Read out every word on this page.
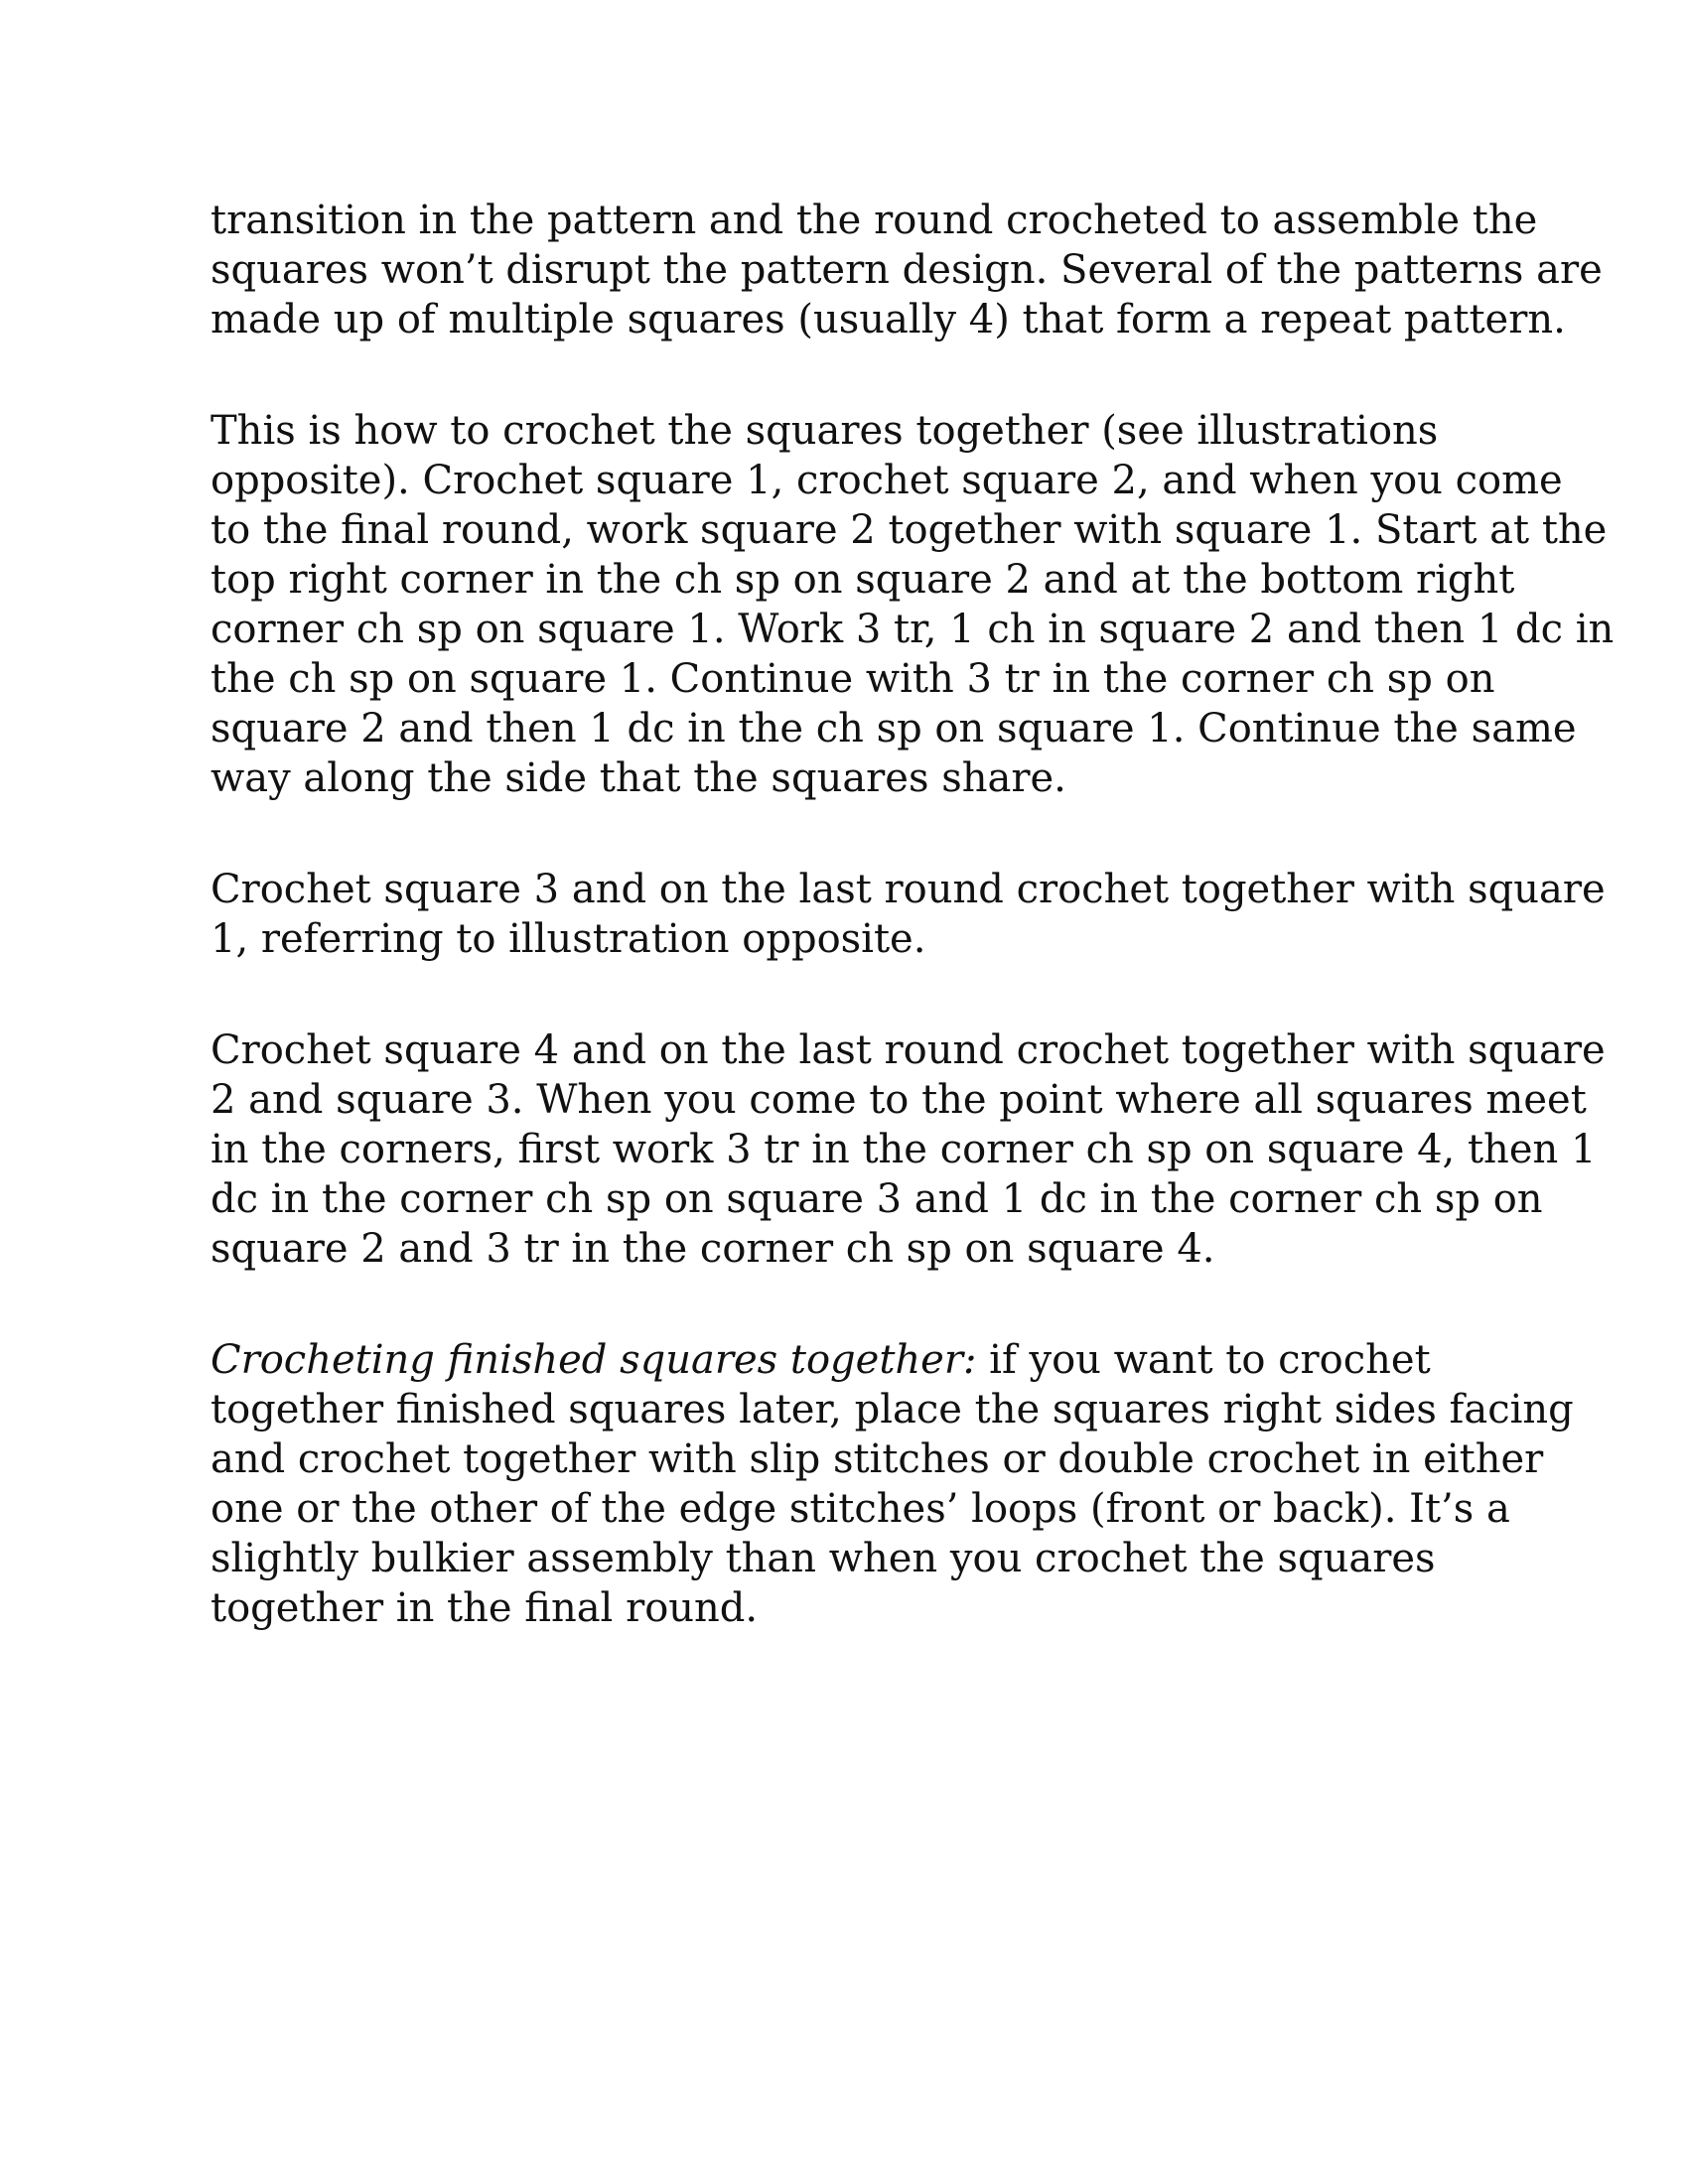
transition in the pattern and the round crocheted to assemble the
squares won’t disrupt the pattern design. Several of the patterns are
made up of multiple squares (usually 4) that form a repeat pattern.

This is how to crochet the squares together (see illustrations
opposite). Crochet square 1, crochet square 2, and when you come
to the final round, work square 2 together with square 1. Start at the
top right corner in the ch sp on square 2 and at the bottom right
corner ch sp on square 1. Work 3 tr, 1 ch in square 2 and then 1 dc in
the ch sp on square 1. Continue with 3 tr in the corner ch sp on
square 2 and then 1 dc in the ch sp on square 1. Continue the same
way along the side that the squares share.

Crochet square 3 and on the last round crochet together with square
1, referring to illustration opposite.

Crochet square 4 and on the last round crochet together with square
2 and square 3. When you come to the point where all squares meet
in the corners, first work 3 tr in the corner ch sp on square 4, then 1
dc in the corner ch sp on square 3 and 1 dc in the corner ch sp on
square 2 and 3 tr in the corner ch sp on square 4.

Crocheting finished squares together: if you want to crochet
together finished squares later, place the squares right sides facing
and crochet together with slip stitches or double crochet in either
one or the other of the edge stitches’ loops (front or back). It’s a
slightly bulkier assembly than when you crochet the squares
together in the final round.
